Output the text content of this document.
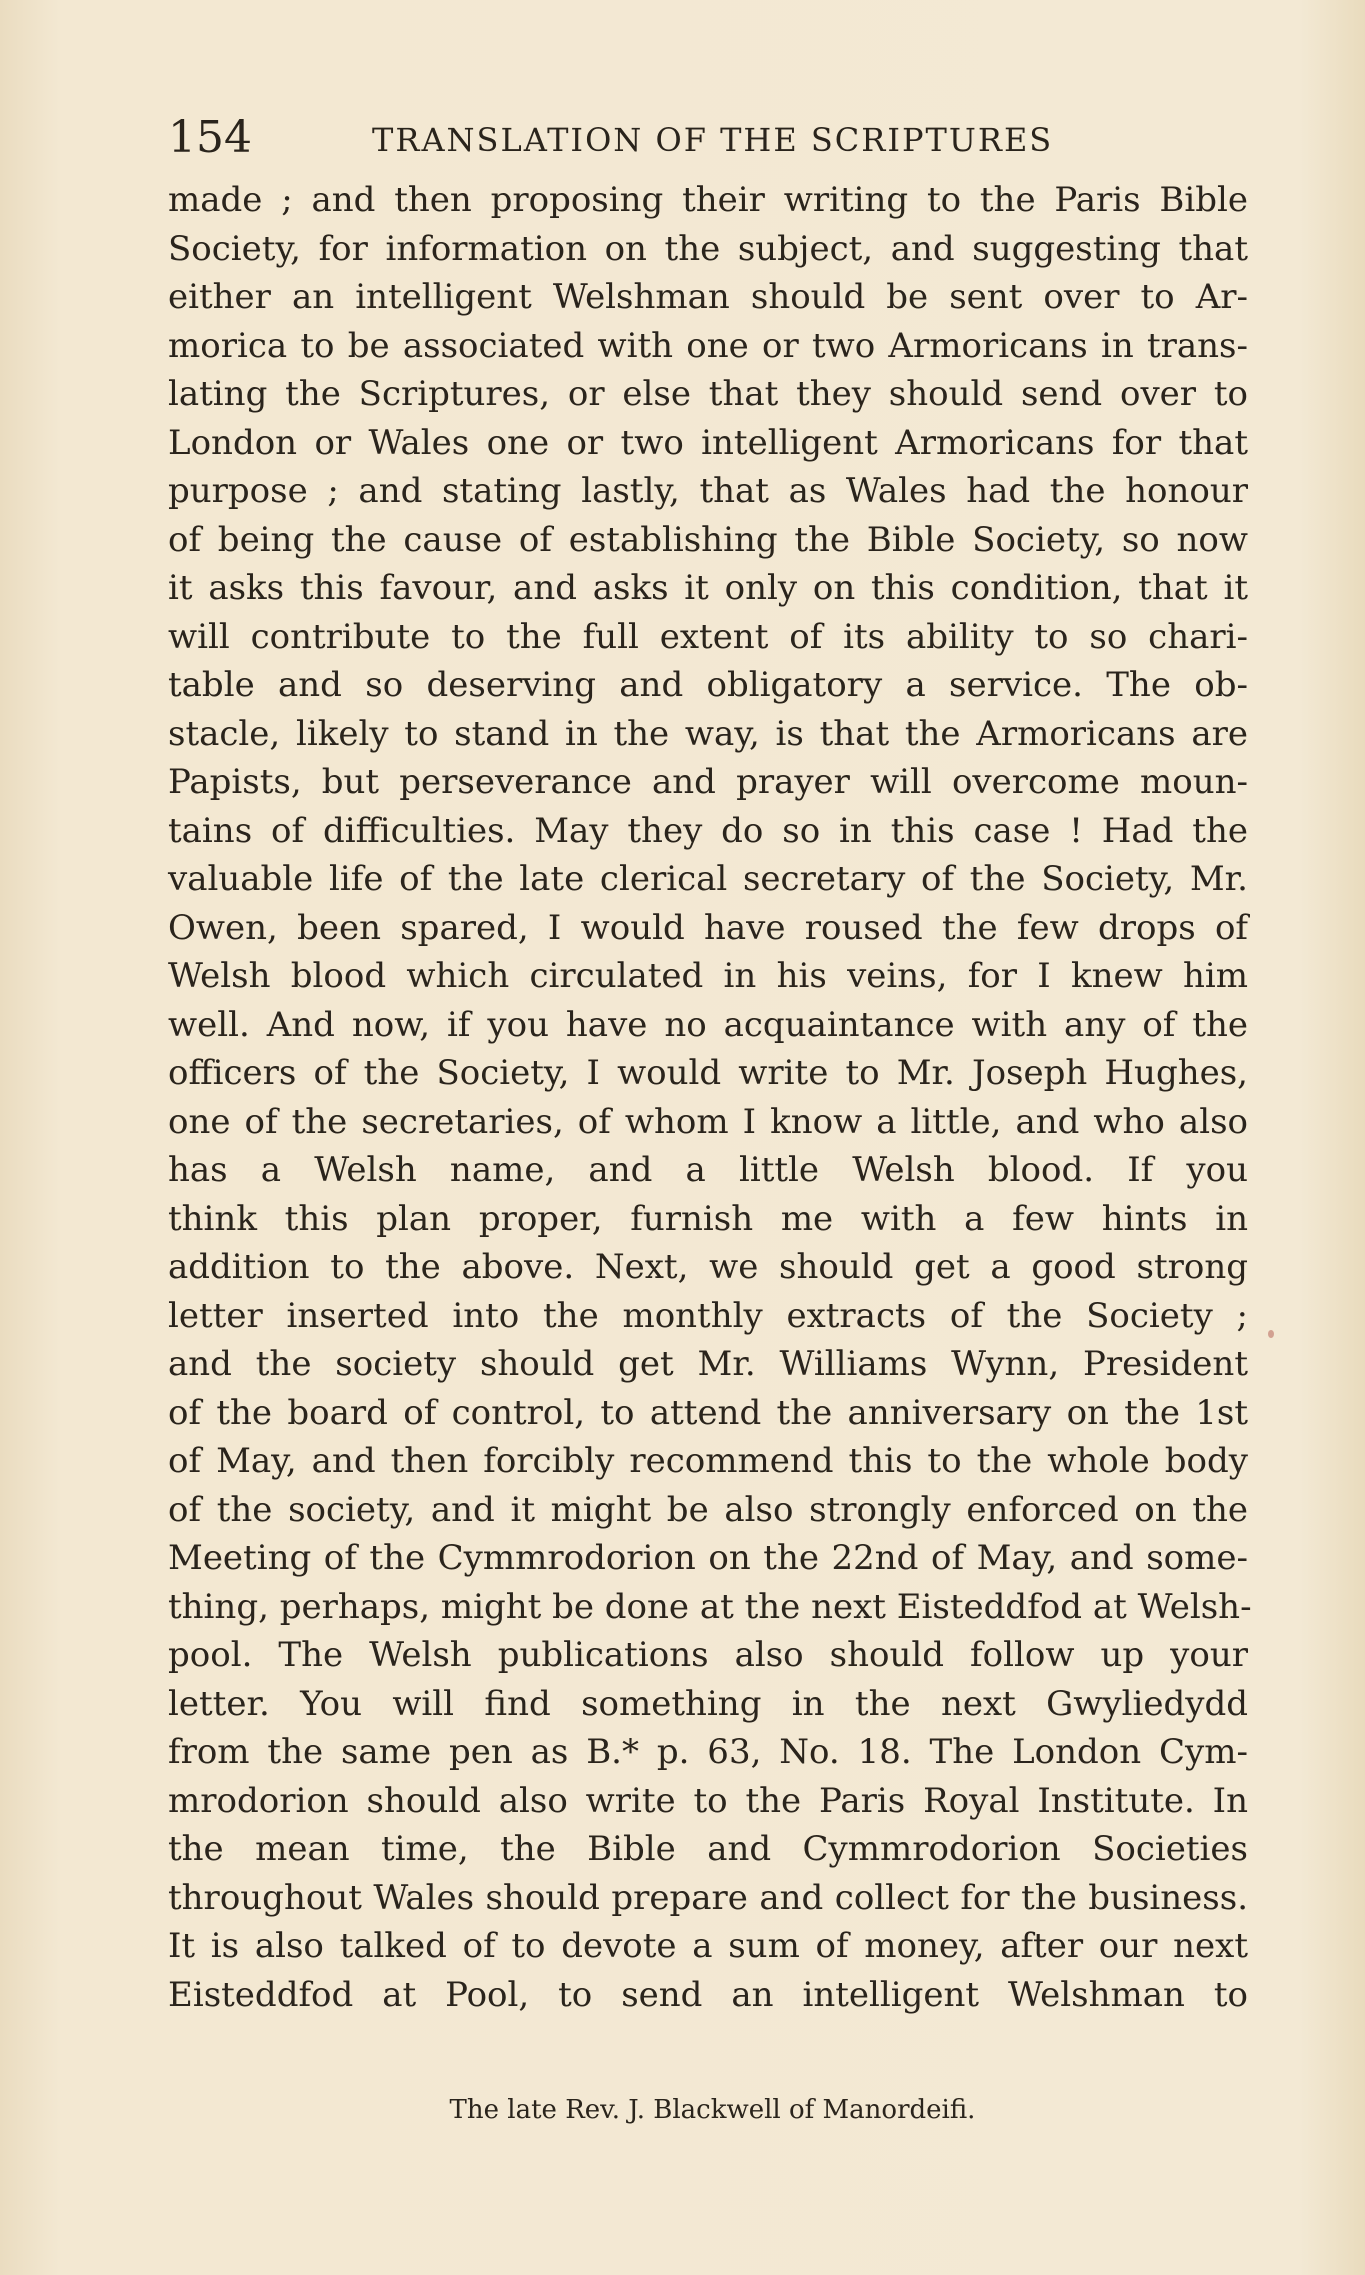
154	TRANSLATION OF THE SCRIPTURES
made ; and then proposing their writing to the Paris Bible
Society, for information on the subject, and suggesting that
either an intelligent Welshman should be sent over to Ar-
morica to be associated with one or two Armoricans in trans-
lating the Scriptures, or else that they should send over to
London or Wales one or two intelligent Armoricans for that
purpose ; and stating lastly, that as Wales had the honour
of being the cause of establishing the Bible Society, so now
it asks this favour, and asks it only on this condition, that it
will contribute to the full extent of its ability to so chari-
table and so deserving and obligatory a service. The ob-
stacle, likely to stand in the way, is that the Armoricans are
Papists, but perseverance and prayer will overcome moun-
tains of difficulties. May they do so in this case ! Had the
valuable life of the late clerical secretary of the Society, Mr.
Owen, been spared, I would have roused the few drops of
Welsh blood which circulated in his veins, for I knew him
well. And now, if you have no acquaintance with any of the
officers of the Society, I would write to Mr. Joseph Hughes,
one of the secretaries, of whom I know a little, and who also
has a Welsh name, and a little Welsh blood. If you
think this plan proper, furnish me with a few hints in
addition to the above. Next, we should get a good strong
letter inserted into the monthly extracts of the Society ;
and the society should get Mr. Williams Wynn, President
of the board of control, to attend the anniversary on the 1st
of May, and then forcibly recommend this to the whole body
of the society, and it might be also strongly enforced on the
Meeting of the Cymmrodorion on the 22nd of May, and some-
thing, perhaps, might be done at the next Eisteddfod at Welsh-
pool. The Welsh publications also should follow up your
letter. You will find something in the next Gwyliedydd
from the same pen as B.* p. 63, No. 18. The London Cym-
mrodorion should also write to the Paris Royal Institute. In
the mean time, the Bible and Cymmrodorion Societies
throughout Wales should prepare and collect for the business.
It is also talked of to devote a sum of money, after our next
Eisteddfod at Pool, to send an intelligent Welshman to
The late Rev. J. Blackwell of Manordeifi.
